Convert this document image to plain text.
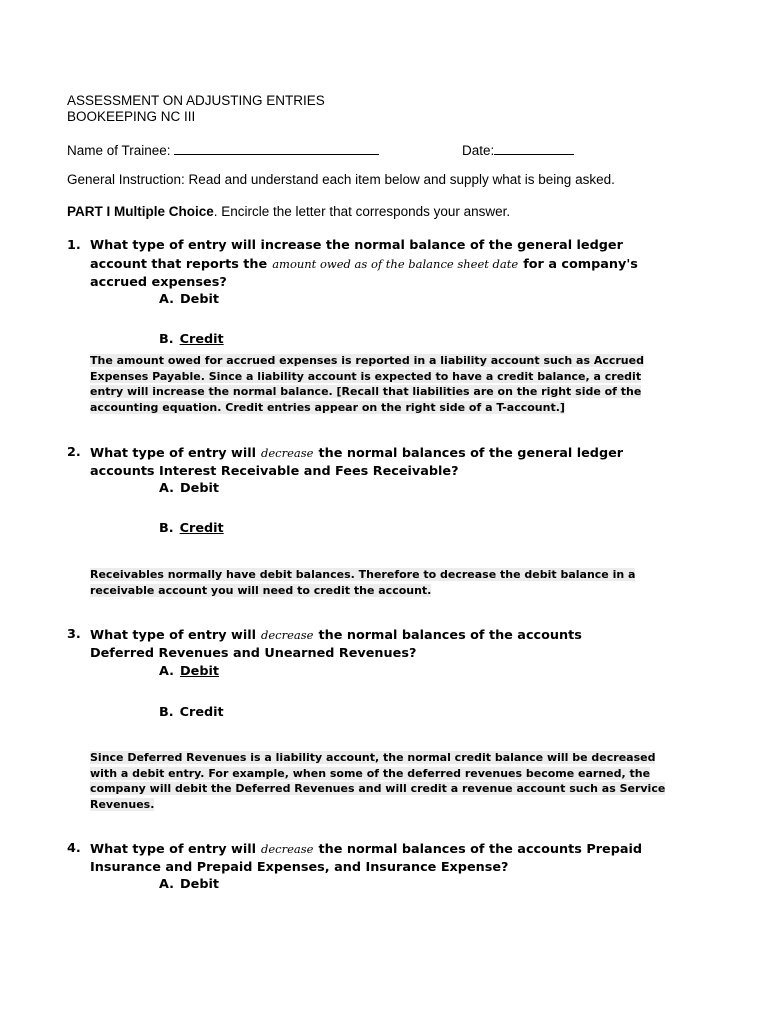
ASSESSMENT ON ADJUSTING ENTRIES
BOOKEEPING NC III
Name of Trainee:	Date:
General Instruction: Read and understand each item below and supply what is being asked.
PART I Multiple Choice. Encircle the letter that corresponds your answer.
1. What type of entry will increase the normal balance of the general ledger account that reports the amount owed as of the balance sheet date for a company's accrued expenses?
A. Debit
B. Credit
The amount owed for accrued expenses is reported in a liability account such as Accrued Expenses Payable. Since a liability account is expected to have a credit balance, a credit entry will increase the normal balance. [Recall that liabilities are on the right side of the accounting equation. Credit entries appear on the right side of a T-account.]
2. What type of entry will decrease the normal balances of the general ledger accounts Interest Receivable and Fees Receivable?
A. Debit
B. Credit
Receivables normally have debit balances. Therefore to decrease the debit balance in a receivable account you will need to credit the account.
3. What type of entry will decrease the normal balances of the accounts Deferred Revenues and Unearned Revenues?
A. Debit
B. Credit
Since Deferred Revenues is a liability account, the normal credit balance will be decreased with a debit entry. For example, when some of the deferred revenues become earned, the company will debit the Deferred Revenues and will credit a revenue account such as Service Revenues.
4. What type of entry will decrease the normal balances of the accounts Prepaid Insurance and Prepaid Expenses, and Insurance Expense?
A. Debit
